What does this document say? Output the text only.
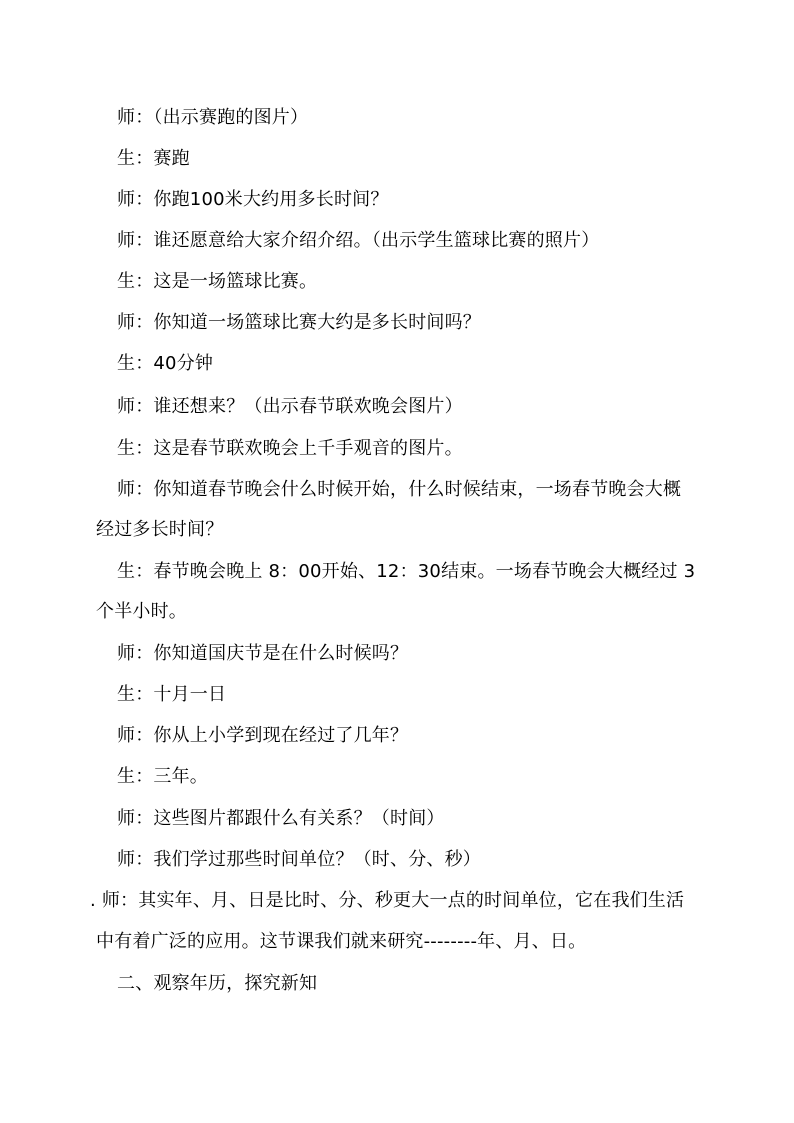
师：（出示赛跑的图片）
生：赛跑
师：你跑100米大约用多长时间？
师：谁还愿意给大家介绍介绍。（出示学生篮球比赛的照片）
生：这是一场篮球比赛。
师：你知道一场篮球比赛大约是多长时间吗？
生：40分钟
师：谁还想来？（出示春节联欢晚会图片）
生：这是春节联欢晚会上千手观音的图片。
师：你知道春节晚会什么时候开始，什么时候结束，一场春节晚会大概
经过多长时间？
生：春节晚会晚上 8：00开始、12：30结束。一场春节晚会大概经过 3
个半小时。
师：你知道国庆节是在什么时候吗？
生：十月一日
师：你从上小学到现在经过了几年？
生：三年。
师：这些图片都跟什么有关系？（时间）
师：我们学过那些时间单位？（时、分、秒）
. 师：其实年、月、日是比时、分、秒更大一点的时间单位，它在我们生活
中有着广泛的应用。这节课我们就来研究--------年、月、日。
二、观察年历，探究新知
